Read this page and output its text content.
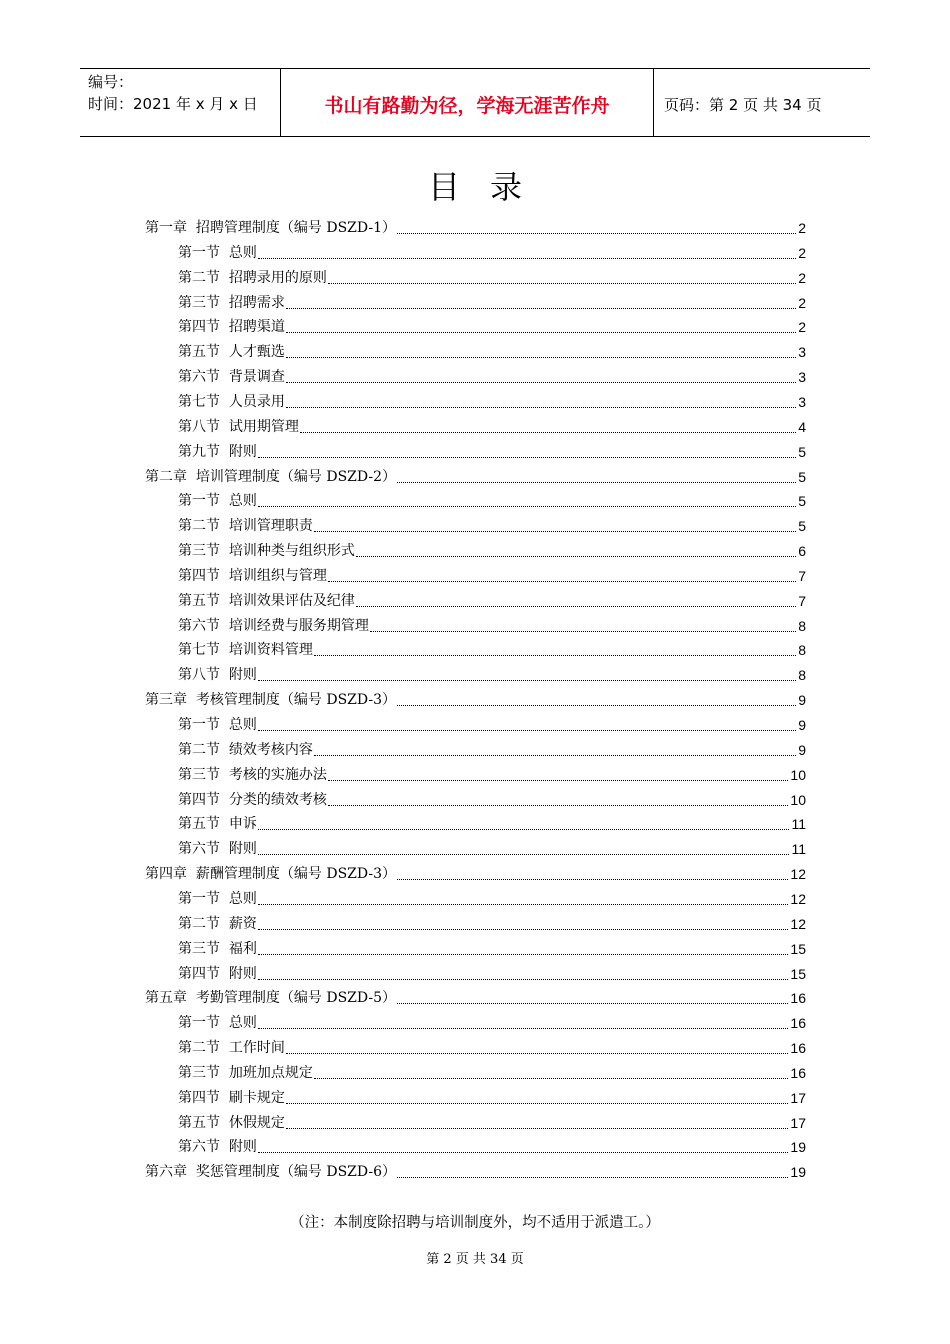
编号：
时间：2021 年 x 月 x 日	书山有路勤为径，学海无涯苦作舟	页码：第 2 页 共 34 页
目录
第一章  招聘管理制度（编号 DSZD-1）	2
第一节  总则	2
第二节  招聘录用的原则	2
第三节  招聘需求	2
第四节  招聘渠道	2
第五节  人才甄选	3
第六节  背景调查	3
第七节  人员录用	3
第八节  试用期管理	4
第九节  附则	5
第二章  培训管理制度（编号 DSZD-2）	5
第一节  总则	5
第二节  培训管理职责	5
第三节  培训种类与组织形式	6
第四节  培训组织与管理	7
第五节  培训效果评估及纪律	7
第六节  培训经费与服务期管理	8
第七节  培训资料管理	8
第八节  附则	8
第三章  考核管理制度（编号 DSZD-3）	9
第一节  总则	9
第二节  绩效考核内容	9
第三节  考核的实施办法	10
第四节  分类的绩效考核	10
第五节  申诉	11
第六节  附则	11
第四章  薪酬管理制度（编号 DSZD-3）	12
第一节  总则	12
第二节  薪资	12
第三节  福利	15
第四节  附则	15
第五章  考勤管理制度（编号 DSZD-5）	16
第一节  总则	16
第二节  工作时间	16
第三节  加班加点规定	16
第四节  刷卡规定	17
第五节  休假规定	17
第六节  附则	19
第六章  奖惩管理制度（编号 DSZD-6）	19
（注：本制度除招聘与培训制度外，均不适用于派遣工。）
第 2 页 共 34 页
